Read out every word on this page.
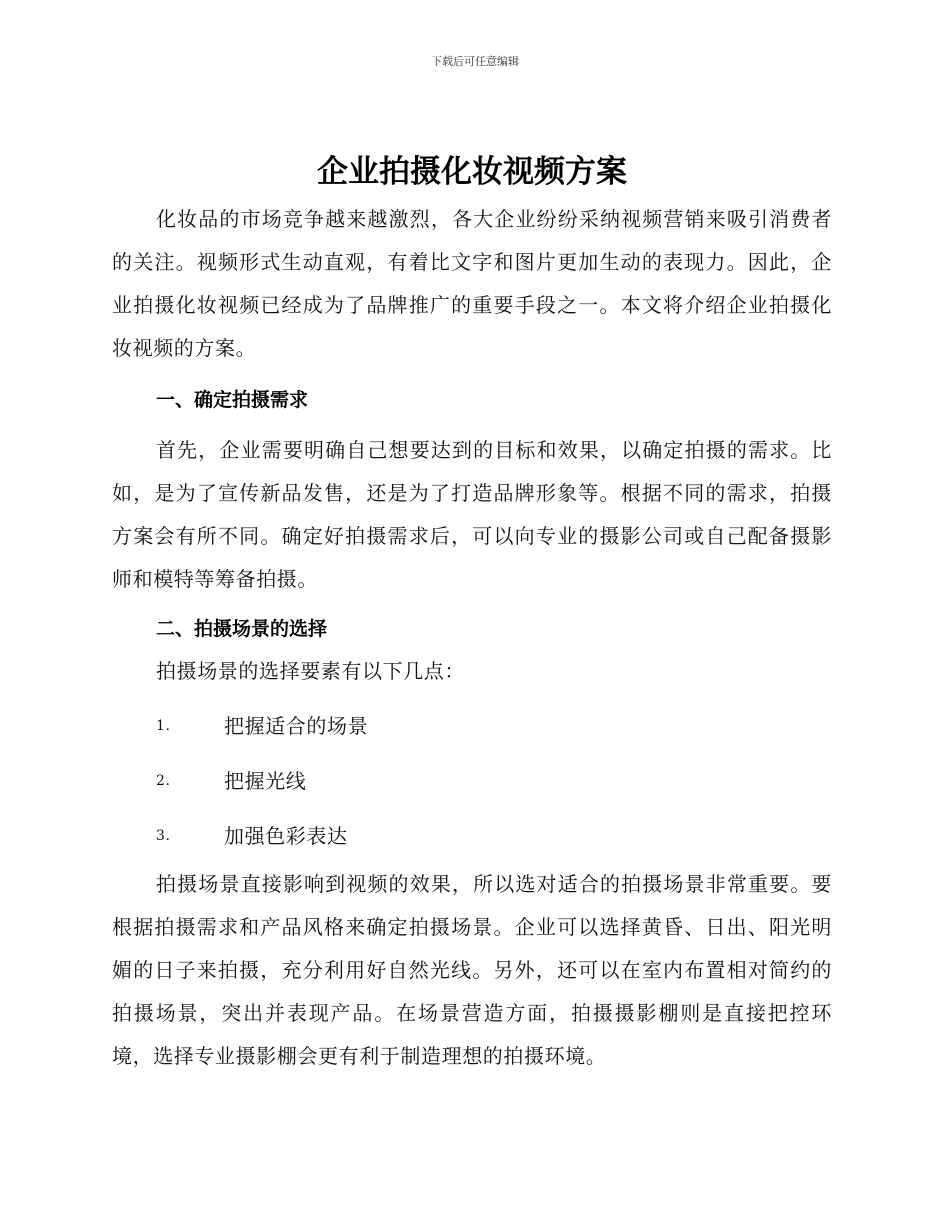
下载后可任意编辑
企业拍摄化妆视频方案

化妆品的市场竞争越来越激烈，各大企业纷纷采纳视频营销来吸引消费者的关注。视频形式生动直观，有着比文字和图片更加生动的表现力。因此，企业拍摄化妆视频已经成为了品牌推广的重要手段之一。本文将介绍企业拍摄化妆视频的方案。

一、确定拍摄需求

首先，企业需要明确自己想要达到的目标和效果，以确定拍摄的需求。比如，是为了宣传新品发售，还是为了打造品牌形象等。根据不同的需求，拍摄方案会有所不同。确定好拍摄需求后，可以向专业的摄影公司或自己配备摄影师和模特等筹备拍摄。

二、拍摄场景的选择

拍摄场景的选择要素有以下几点：

1.	把握适合的场景
2.	把握光线
3.	加强色彩表达

拍摄场景直接影响到视频的效果，所以选对适合的拍摄场景非常重要。要根据拍摄需求和产品风格来确定拍摄场景。企业可以选择黄昏、日出、阳光明媚的日子来拍摄，充分利用好自然光线。另外，还可以在室内布置相对简约的拍摄场景，突出并表现产品。在场景营造方面，拍摄摄影棚则是直接把控环境，选择专业摄影棚会更有利于制造理想的拍摄环境。
